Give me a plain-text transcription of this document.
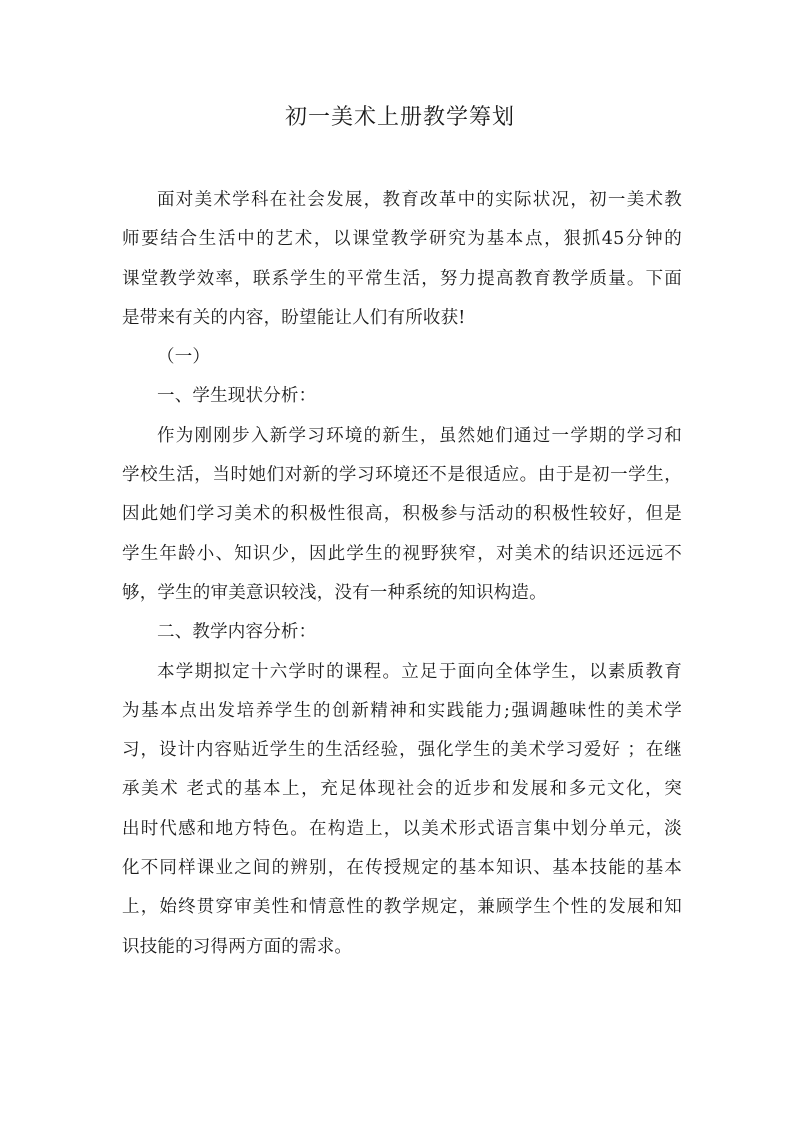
初一美术上册教学筹划
面对美术学科在社会发展，教育改革中的实际状况，初一美术教
师要结合生活中的艺术，以课堂教学研究为基本点，狠抓45分钟的
课堂教学效率，联系学生的平常生活，努力提高教育教学质量。下面
是带来有关的内容，盼望能让人们有所收获!
（一）
一、学生现状分析：
作为刚刚步入新学习环境的新生，虽然她们通过一学期的学习和
学校生活，当时她们对新的学习环境还不是很适应。由于是初一学生，
因此她们学习美术的积极性很高，积极参与活动的积极性较好，但是
学生年龄小、知识少，因此学生的视野狭窄，对美术的结识还远远不
够，学生的审美意识较浅，没有一种系统的知识构造。
二、教学内容分析：
本学期拟定十六学时的课程。立足于面向全体学生，以素质教育
为基本点出发培养学生的创新精神和实践能力;强调趣味性的美术学
习，设计内容贴近学生的生活经验，强化学生的美术学习爱好 ；在继
承美术 老式的基本上，充足体现社会的近步和发展和多元文化，突
出时代感和地方特色。在构造上，以美术形式语言集中划分单元，淡
化不同样课业之间的辨别，在传授规定的基本知识、基本技能的基本
上，始终贯穿审美性和情意性的教学规定，兼顾学生个性的发展和知
识技能的习得两方面的需求。
